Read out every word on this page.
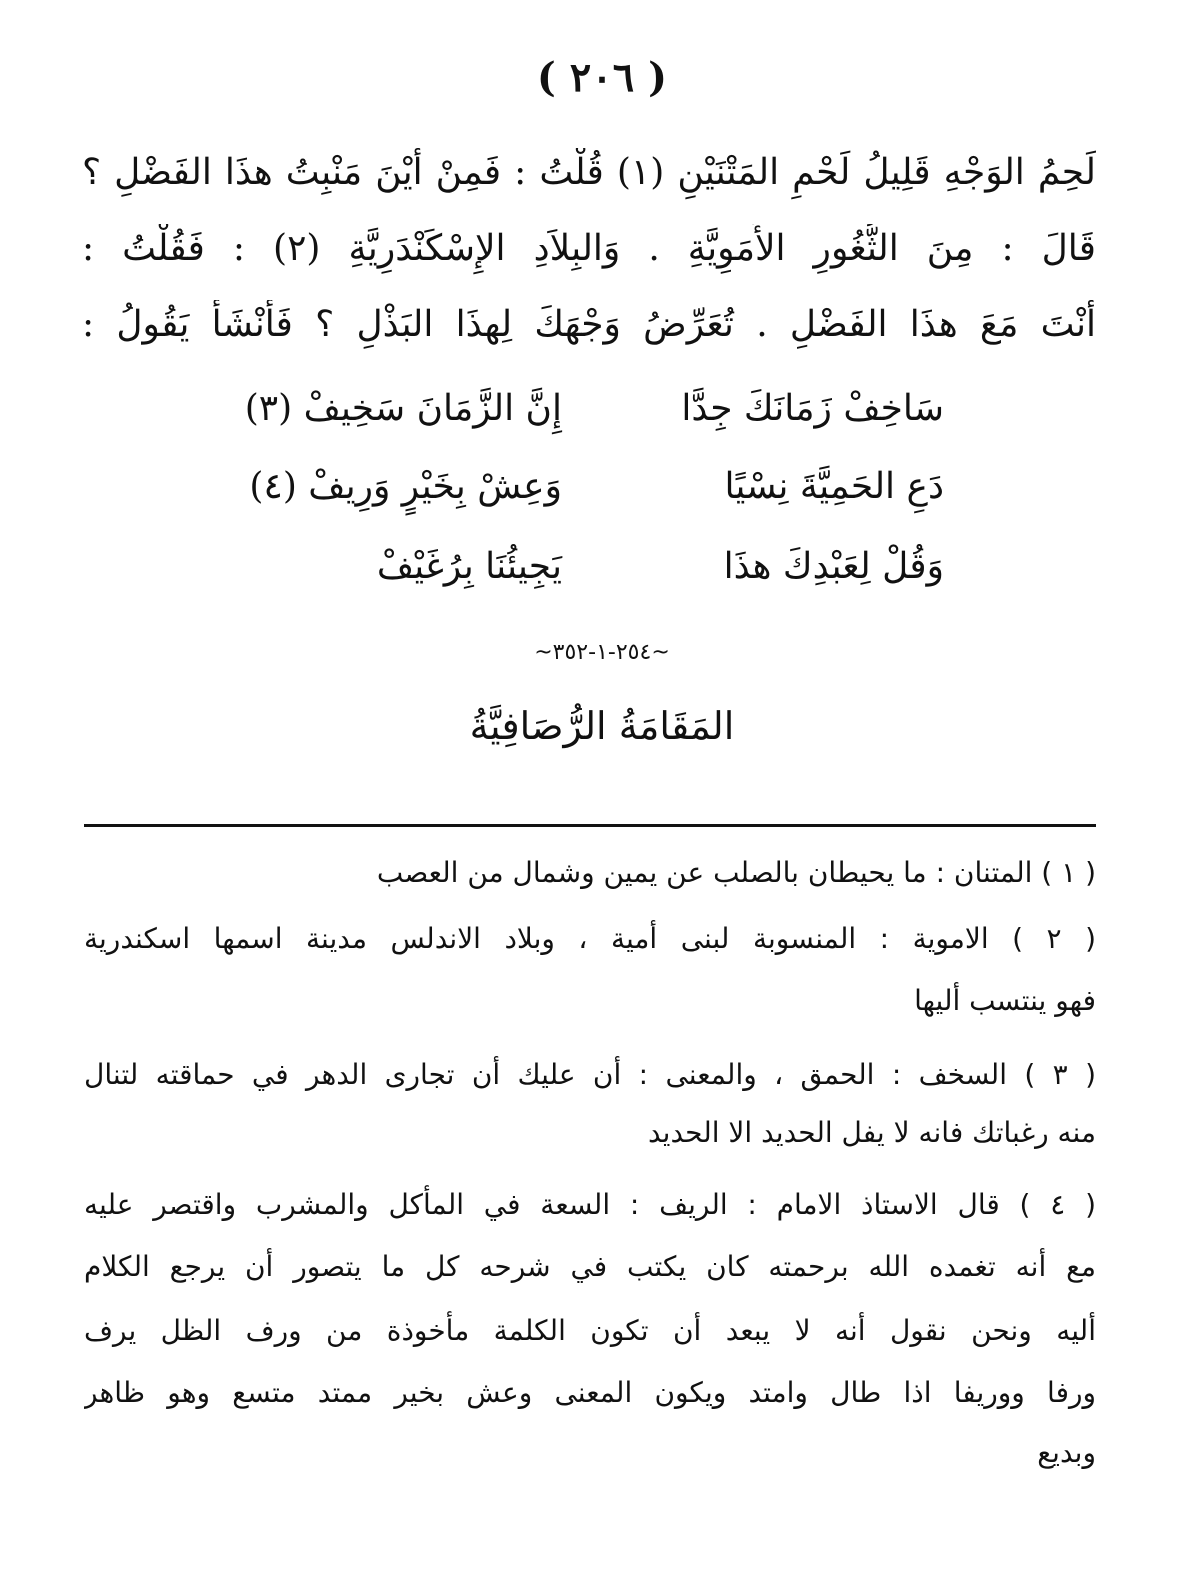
( ٢٠٦ )
لَحِمُ الوَجْهِ قَلِيلُ لَحْمِ المَتْنَيْنِ (١) قُلْتُ : فَمِنْ أَيْنَ مَنْبِتُ هذَا الفَضْلِ ؟
قَالَ : مِنَ الثُّغُورِ الأُمَوِيَّةِ . وَالبِلاَدِ الإِسْكَنْدَرِيَّةِ (٢) : فَقُلْتُ :
أَنْتَ مَعَ هذَا الفَضْلِ . تُعَرِّضُ وَجْهَكَ لِهذَا البَذْلِ ؟ فَأَنْشَأَ يَقُولُ :
سَاخِفْ زَمَانَكَ جِدَّا
إِنَّ الزَّمَانَ سَخِيفْ (٣)
دَعِ الحَمِيَّةَ نِسْيًا
وَعِشْ بِخَيْرٍ وَرِيفْ (٤)
وَقُلْ لِعَبْدِكَ هذَا
يَجِيئُنَا بِرُغَيْفْ
~٢٥٤-١-٣٥٢~
المَقَامَةُ الرُّصَافِيَّةُ
( ١ ) المتنان : ما يحيطان بالصلب عن يمين وشمال من العصب
( ٢ ) الاموية : المنسوبة لبنى أمية ، وبلاد الاندلس مدينة اسمها اسكندرية
فهو ينتسب أليها
( ٣ ) السخف : الحمق ، والمعنى : أن عليك أن تجارى الدهر في حماقته لتنال
منه رغباتك فانه لا يفل الحديد الا الحديد
( ٤ ) قال الاستاذ الامام : الريف : السعة في المأكل والمشرب واقتصر عليه
مع أنه تغمده الله برحمته كان يكتب في شرحه كل ما يتصور أن يرجع الكلام
أليه ونحن نقول أنه لا يبعد أن تكون الكلمة مأخوذة من ورف الظل يرف
ورفا ووريفا اذا طال وامتد ويكون المعنى وعش بخير ممتد متسع وهو ظاهر
وبديع
